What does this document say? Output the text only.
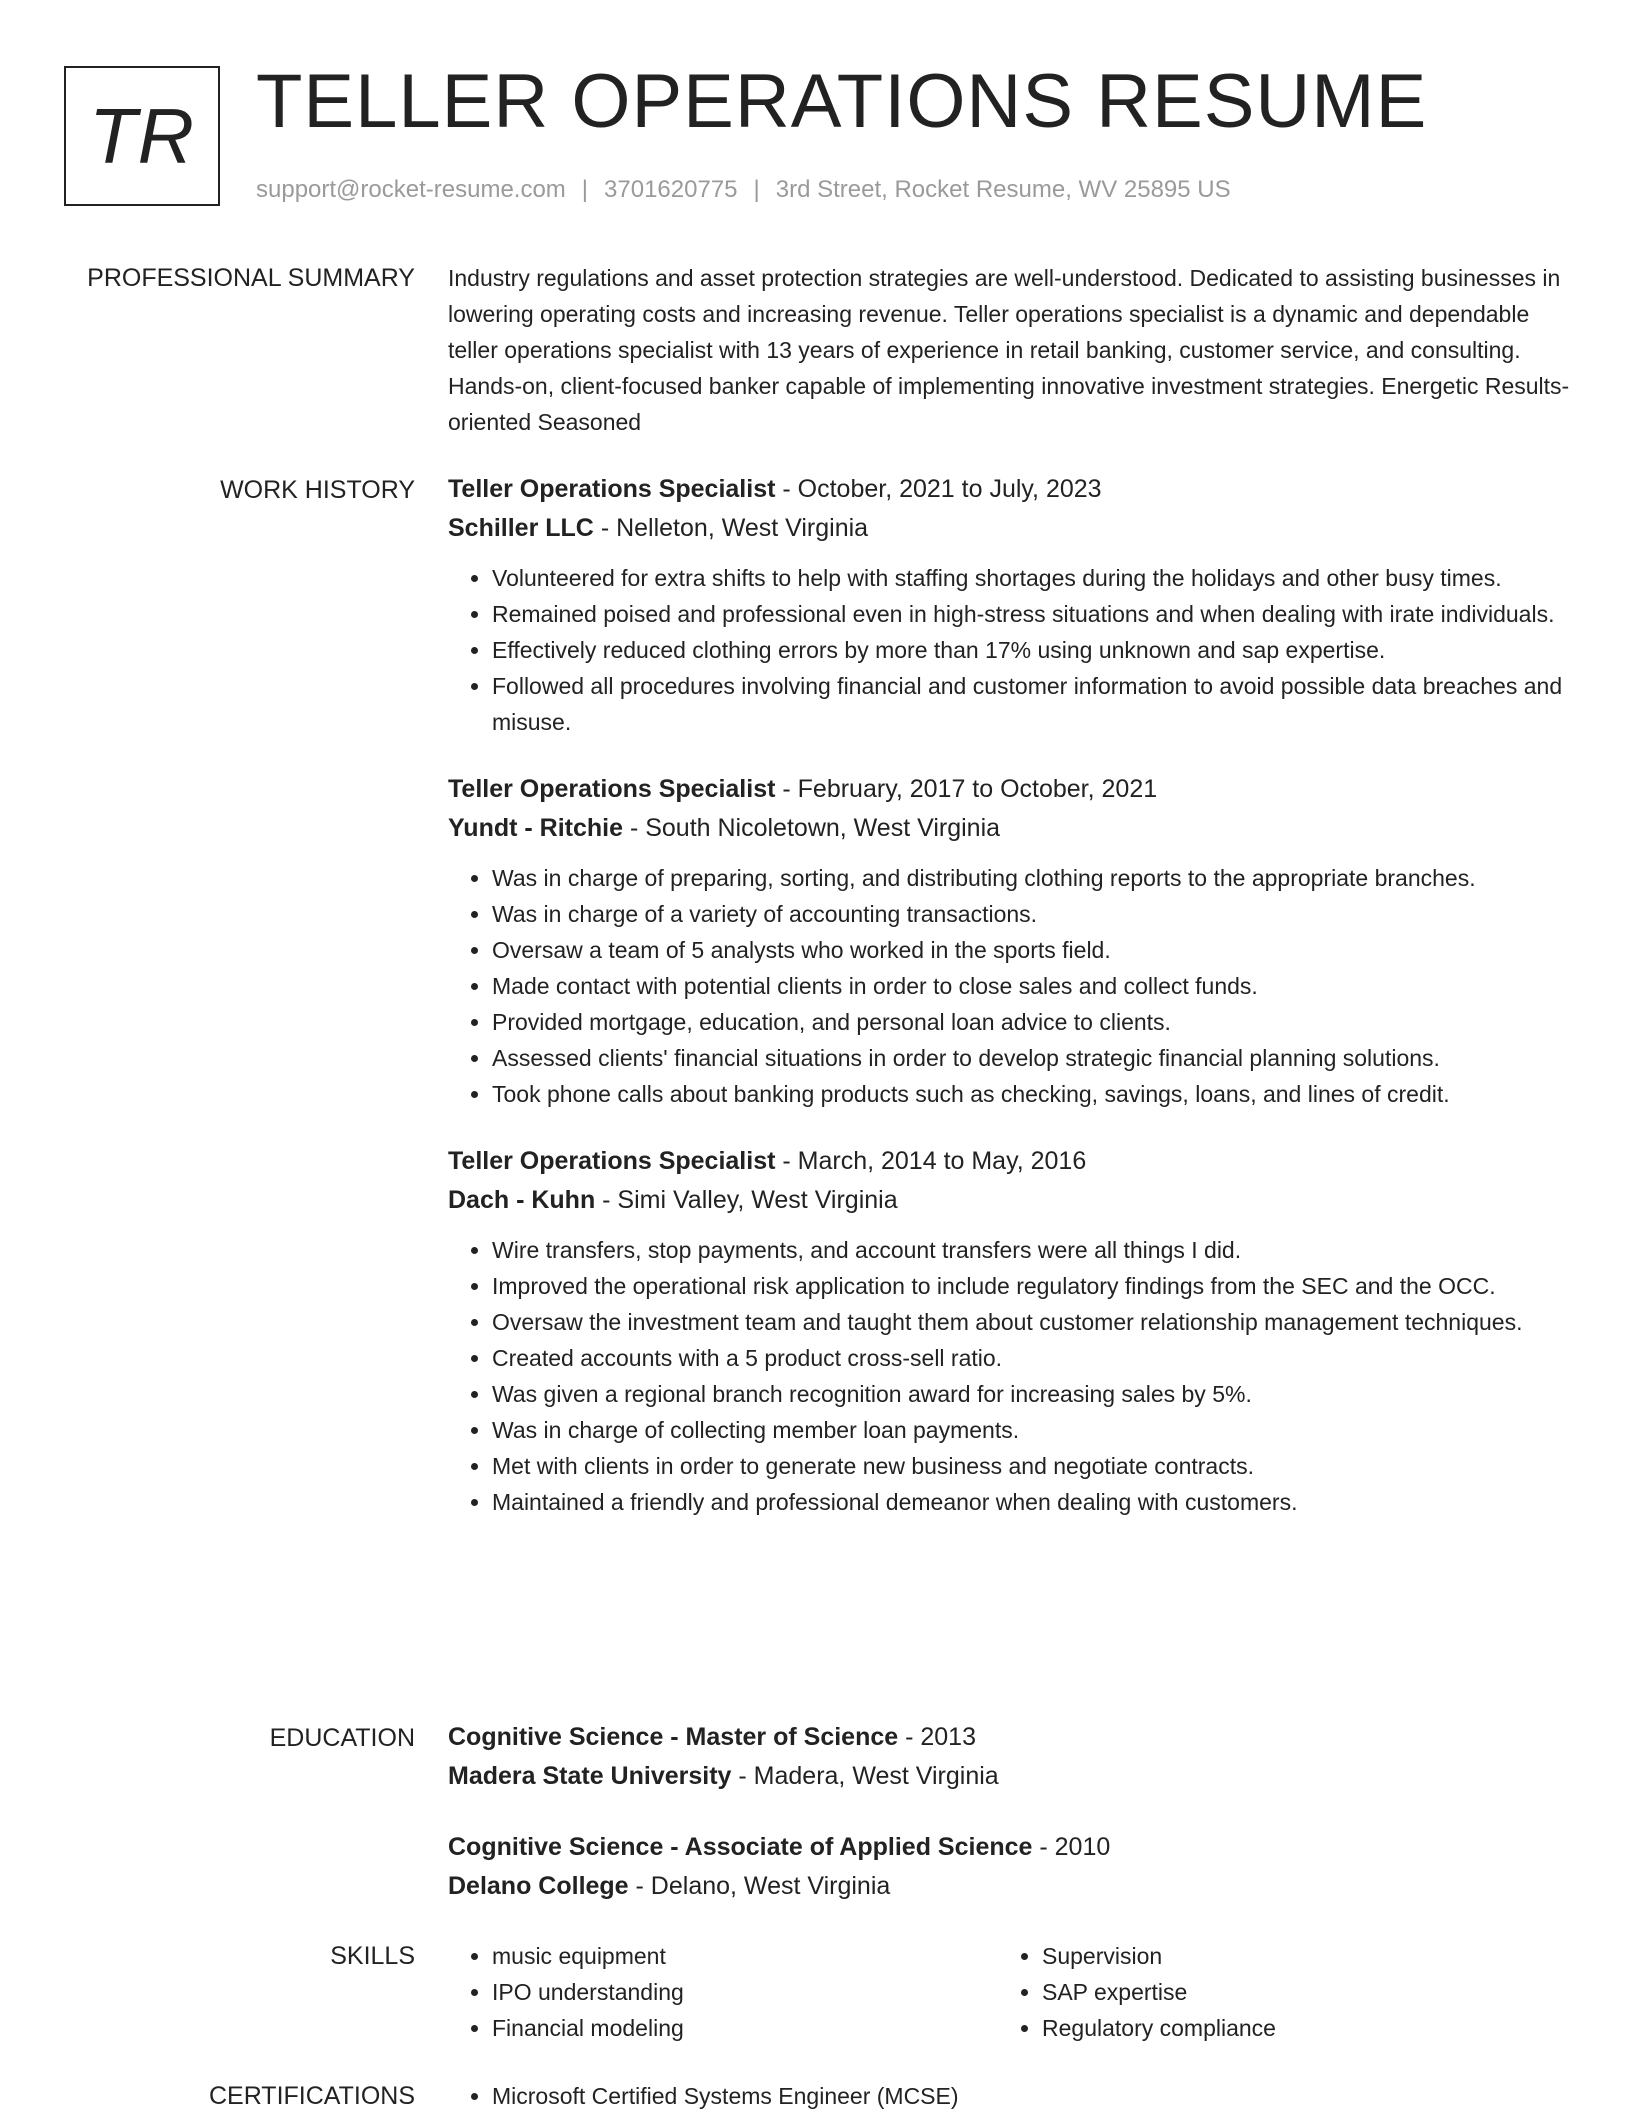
TR TELLER OPERATIONS RESUME
support@rocket-resume.com | 3701620775 | 3rd Street, Rocket Resume, WV 25895 US
PROFESSIONAL SUMMARY Industry regulations and asset protection strategies are well-understood. Dedicated to assisting businesses in lowering operating costs and increasing revenue. Teller operations specialist is a dynamic and dependable teller operations specialist with 13 years of experience in retail banking, customer service, and consulting. Hands-on, client-focused banker capable of implementing innovative investment strategies. Energetic Results-oriented Seasoned

WORK HISTORY Teller Operations Specialist - October, 2021 to July, 2023

Schiller LLC - Nelleton, West Virginia

• Volunteered for extra shifts to help with staffing shortages during the holidays and other busy times.
• Remained poised and professional even in high-stress situations and when dealing with irate individuals.
• Effectively reduced clothing errors by more than 17% using unknown and sap expertise.
• Followed all procedures involving financial and customer information to avoid possible data breaches and misuse.

Teller Operations Specialist - February, 2017 to October, 2021

Yundt - Ritchie - South Nicoletown, West Virginia

• Was in charge of preparing, sorting, and distributing clothing reports to the appropriate branches.
• Was in charge of a variety of accounting transactions.
• Oversaw a team of 5 analysts who worked in the sports field.
• Made contact with potential clients in order to close sales and collect funds.
• Provided mortgage, education, and personal loan advice to clients.
• Assessed clients' financial situations in order to develop strategic financial planning solutions.
• Took phone calls about banking products such as checking, savings, loans, and lines of credit.

Teller Operations Specialist - March, 2014 to May, 2016

Dach - Kuhn - Simi Valley, West Virginia

• Wire transfers, stop payments, and account transfers were all things I did.
• Improved the operational risk application to include regulatory findings from the SEC and the OCC.
• Oversaw the investment team and taught them about customer relationship management techniques.
• Created accounts with a 5 product cross-sell ratio.
• Was given a regional branch recognition award for increasing sales by 5%.
• Was in charge of collecting member loan payments.
• Met with clients in order to generate new business and negotiate contracts.
• Maintained a friendly and professional demeanor when dealing with customers.
EDUCATION Cognitive Science - Master of Science - 2013

Madera State University - Madera, West Virginia

Cognitive Science - Associate of Applied Science - 2010

Delano College - Delano, West Virginia

SKILLS	• music equipment
• IPO understanding
• Financial modeling
• Supervision
• SAP expertise
• Regulatory compliance
CERTIFICATIONS	• Microsoft Certified Systems Engineer (MCSE)
